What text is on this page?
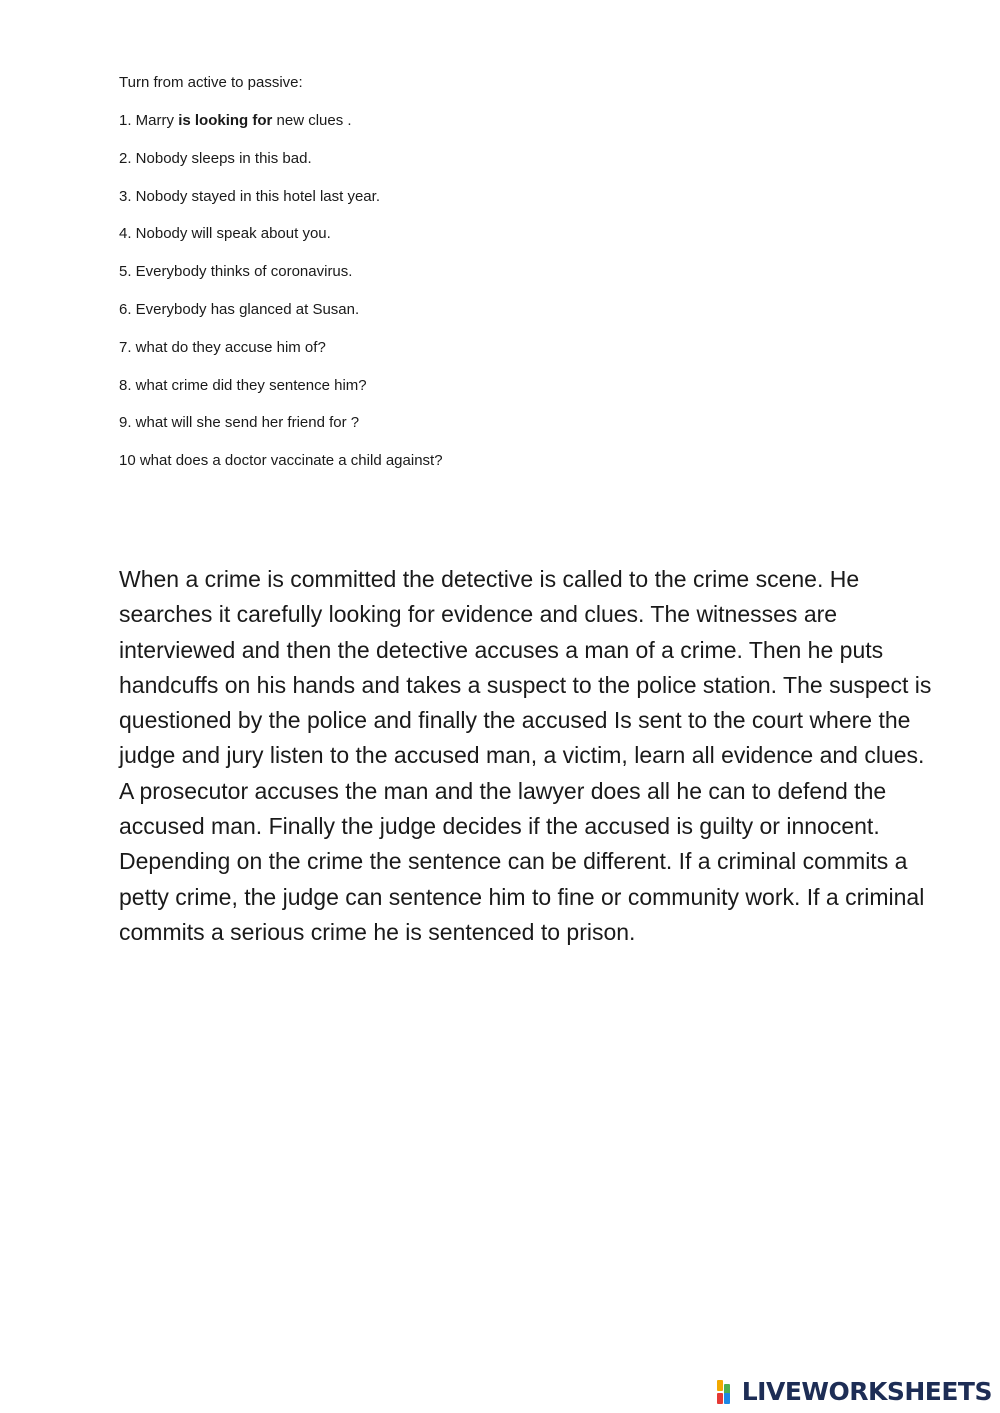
Turn from active to passive:
1. Marry is looking for new clues .
2. Nobody sleeps in this bad.
3. Nobody stayed in this hotel last year.
4. Nobody will speak about you.
5. Everybody thinks of coronavirus.
6. Everybody has glanced at Susan.
7. what do they accuse him of?
8. what crime did they sentence him?
9. what will she send her friend for ?
10 what does a doctor vaccinate a child against?

When a crime is committed the detective is called to the crime scene. He searches it carefully looking for evidence and clues. The witnesses are interviewed and then the detective accuses a man of a crime. Then he puts handcuffs on his hands and takes a suspect to the police station. The suspect is questioned by the police and finally the accused Is sent to the court where the judge and jury listen to the accused man, a victim, learn all evidence and clues. A prosecutor accuses the man and the lawyer does all he can to defend the accused man. Finally the judge decides if the accused is guilty or innocent. Depending on the crime the sentence can be different. If a criminal commits a petty crime, the judge can sentence him to fine or community work. If a criminal commits a serious crime he is sentenced to prison.

LIVEWORKSHEETS
